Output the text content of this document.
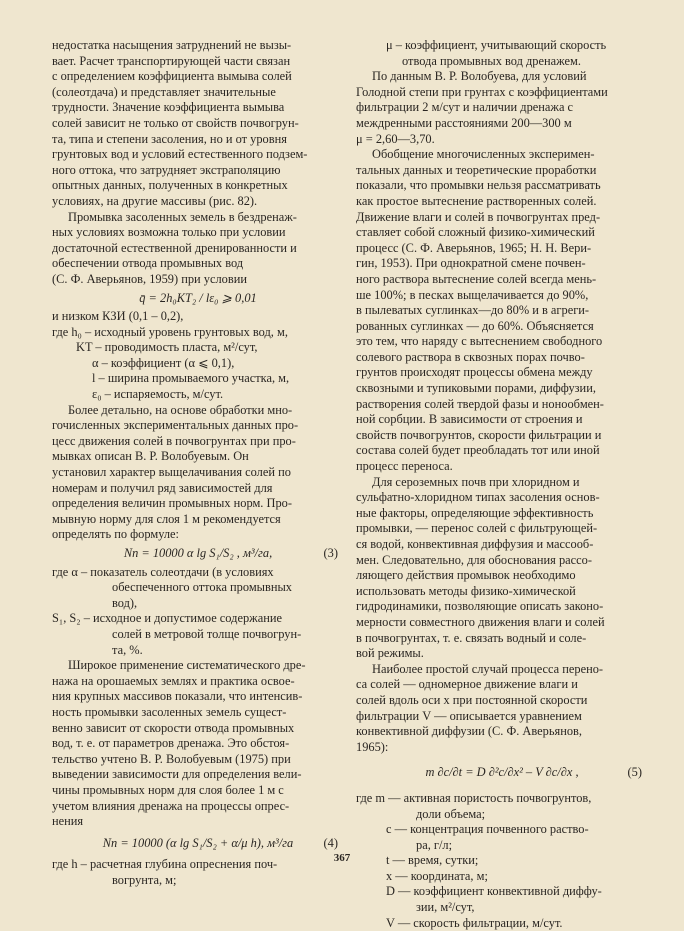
недостатка насыщения затруднений не вызы-

вает. Расчет транспортирующей части связан

с определением коэффициента вымыва солей

(солеотдача) и представляет значительные

трудности. Значение коэффициента вымыва

солей зависит не только от свойств почвогрун-

та, типа и степени засоления, но и от уровня

грунтовых вод и условий естественного подзем-

ного оттока, что затрудняет экстраполяцию

опытных данных, полученных в конкретных

условиях, на другие массивы (рис. 82).

Промывка засоленных земель в бездренаж-

ных условиях возможна только при условии

достаточной естественной дренированности и

обеспечении отвода промывных вод

(С. Ф. Аверьянов, 1959) при условии

q̄ = 2h₀KT₂ / lε₀ ⩾ 0,01

и низком КЗИ (0,1 – 0,2),

где h₀ – исходный уровень грунтовых вод, м,

KT – проводимость пласта, м²/сут,

α – коэффициент (α ⩽ 0,1),

l – ширина промываемого участка, м,

ε₀ – испаряемость, м/сут.

Более детально, на основе обработки мно-

гочисленных экспериментальных данных про-

цесс движения солей в почвогрунтах при про-

мывках описан В. Р. Волобуевым. Он

установил характер выщелачивания солей по

номерам и получил ряд зависимостей для

определения величин промывных норм. Про-

мывную норму для слоя 1 м рекомендуется

определять по формуле:

Nп = 10000 α lg S₁/S₂ , м³/га,	(3)

где α – показатель солеотдачи (в условиях

обеспеченного оттока промывных

вод),

S₁, S₂ – исходное и допустимое содержание

солей в метровой толще почвогрун-

та, %.

Широкое применение систематического дре-

нажа на орошаемых землях и практика освое-

ния крупных массивов показали, что интенсив-

ность промывки засоленных земель сущест-

венно зависит от скорости отвода промывных

вод, т. е. от параметров дренажа. Это обстоя-

тельство учтено В. Р. Волобуевым (1975) при

выведении зависимости для определения вели-

чины промывных норм для слоя более 1 м с

учетом влияния дренажа на процессы опрес-

нения

Nп = 10000 (α lg S₁/S₂ + α/μ h), м³/га (4)

где h – расчетная глубина опреснения поч-

вогрунта, м;

μ – коэффициент, учитывающий скорость

отвода промывных вод дренажем.

По данным В. Р. Волобуева, для условий

Голодной степи при грунтах с коэффициентами

фильтрации 2 м/сут и наличии дренажа с

междренными расстояниями 200—300 м

μ = 2,60—3,70.

Обобщение многочисленных эксперимен-

тальных данных и теоретические проработки

показали, что промывки нельзя рассматривать

как простое вытеснение растворенных солей.

Движение влаги и солей в почвогрунтах пред-

ставляет собой сложный физико-химический

процесс (С. Ф. Аверьянов, 1965; Н. Н. Вери-

гин, 1953). При однократной смене почвен-

ного раствора вытеснение солей всегда мень-

ше 100%; в песках выщелачивается до 90%,

в пылеватых суглинках—до 80% и в агреги-

рованных суглинках — до 60%. Объясняется

это тем, что наряду с вытеснением свободного

солевого раствора в сквозных порах почво-

грунтов происходят процессы обмена между

сквозными и тупиковыми порами, диффузии,

растворения солей твердой фазы и нонообмен-

ной сорбции. В зависимости от строения и

свойств почвогрунтов, скорости фильтрации и

состава солей будет преобладать тот или иной

процесс переноса.

Для сероземных почв при хлоридном и

сульфатно-хлоридном типах засоления основ-

ные факторы, определяющие эффективность

промывки, — перенос солей с фильтрующей-

ся водой, конвективная диффузия и массооб-

мен. Следовательно, для обоснования рассо-

ляющего действия промывок необходимо

использовать методы физико-химической

гидродинамики, позволяющие описать законо-

мерности совместного движения влаги и солей

в почвогрунтах, т. е. связать водный и соле-

вой режимы.

Наиболее простой случай процесса перено-

са солей — одномерное движение влаги и

солей вдоль оси x при постоянной скорости

фильтрации V — описывается уравнением

конвективной диффузии (С. Ф. Аверьянов,

1965):

m ∂c/∂t = D ∂²c/∂x² – V ∂c/∂x ,	(5)

где m — активная пористость почвогрунтов,

доли объема;

c — концентрация почвенного раство-

ра, г/л;

t — время, сутки;

x — координата, м;

D — коэффициент конвективной диффу-

зии, м²/сут,

V — скорость фильтрации, м/сут.

367
